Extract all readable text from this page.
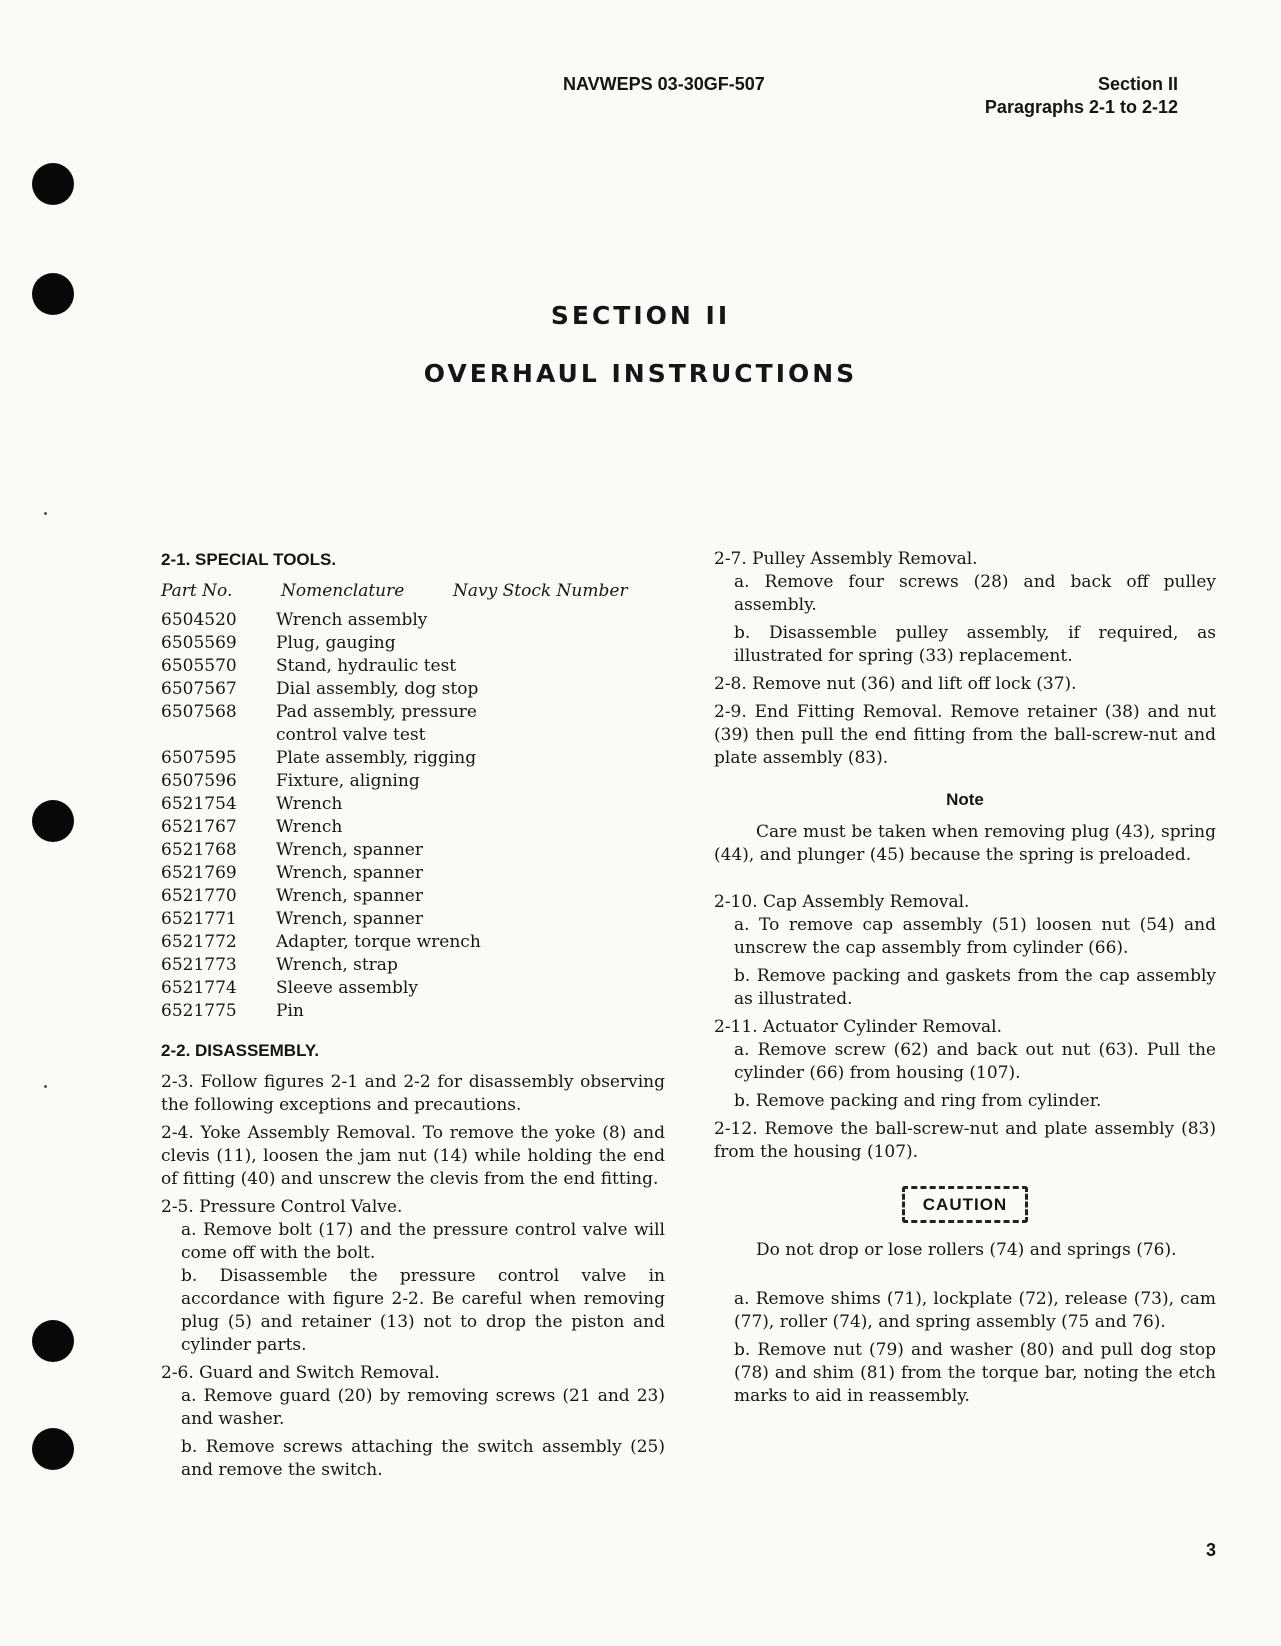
NAVWEPS 03-30GF-507	Section II
Paragraphs 2-1 to 2-12
SECTION II
OVERHAUL INSTRUCTIONS
2-1. SPECIAL TOOLS.
Part No.	Nomenclature	Navy Stock Number
6504520	Wrench assembly
6505569	Plug, gauging
6505570	Stand, hydraulic test
6507567	Dial assembly, dog stop
6507568	Pad assembly, pressure
control valve test
6507595	Plate assembly, rigging
6507596	Fixture, aligning
6521754	Wrench
6521767	Wrench
6521768	Wrench, spanner
6521769	Wrench, spanner
6521770	Wrench, spanner
6521771	Wrench, spanner
6521772	Adapter, torque wrench
6521773	Wrench, strap
6521774	Sleeve assembly
6521775	Pin
2-2. DISASSEMBLY.

2-3. Follow figures 2-1 and 2-2 for disassembly observing the following exceptions and precautions.

2-4. Yoke Assembly Removal. To remove the yoke (8) and clevis (11), loosen the jam nut (14) while holding the end of fitting (40) and unscrew the clevis from the end fitting.

2-5. Pressure Control Valve.

a. Remove bolt (17) and the pressure control valve will come off with the bolt.

b. Disassemble the pressure control valve in accordance with figure 2-2. Be careful when removing plug (5) and retainer (13) not to drop the piston and cylinder parts.

2-6. Guard and Switch Removal.

a. Remove guard (20) by removing screws (21 and 23) and washer.

b. Remove screws attaching the switch assembly (25) and remove the switch.

2-7. Pulley Assembly Removal.

a. Remove four screws (28) and back off pulley assembly.

b. Disassemble pulley assembly, if required, as illustrated for spring (33) replacement.

2-8. Remove nut (36) and lift off lock (37).

2-9. End Fitting Removal. Remove retainer (38) and nut (39) then pull the end fitting from the ball-screw-nut and plate assembly (83).

Note

Care must be taken when removing plug (43), spring (44), and plunger (45) because the spring is preloaded.

2-10. Cap Assembly Removal.

a. To remove cap assembly (51) loosen nut (54) and unscrew the cap assembly from cylinder (66).

b. Remove packing and gaskets from the cap assembly as illustrated.

2-11. Actuator Cylinder Removal.

a. Remove screw (62) and back out nut (63). Pull the cylinder (66) from housing (107).

b. Remove packing and ring from cylinder.

2-12. Remove the ball-screw-nut and plate assembly (83) from the housing (107).

CAUTION

Do not drop or lose rollers (74) and springs (76).

a. Remove shims (71), lockplate (72), release (73), cam (77), roller (74), and spring assembly (75 and 76).

b. Remove nut (79) and washer (80) and pull dog stop (78) and shim (81) from the torque bar, noting the etch marks to aid in reassembly.

3
